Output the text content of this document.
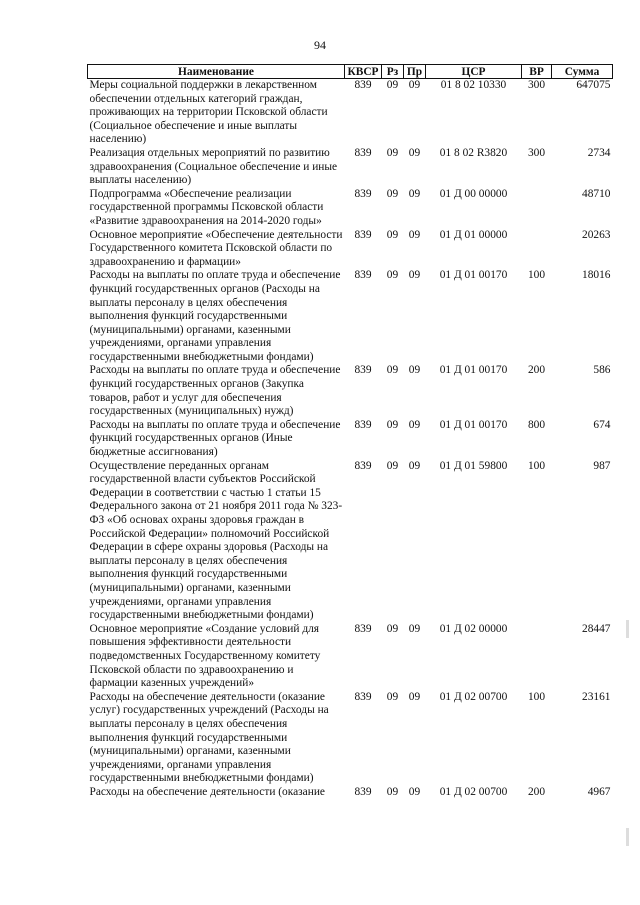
94
Наименование	КВСР	Рз	Пр	ЦСР	ВР	Сумма
Меры социальной поддержки в лекарственном обеспечении отдельных категорий граждан, проживающих на территории Псковской области (Социальное обеспечение и иные выплаты населению)	839	09	09	01 8 02 10330	300	647075
Реализация отдельных мероприятий по развитию здравоохранения (Социальное обеспечение и иные выплаты населению)	839	09	09	01 8 02 R3820	300	2734
Подпрограмма «Обеспечение реализации государственной программы Псковской области «Развитие здравоохранения на 2014-2020 годы»	839	09	09	01 Д 00 00000		48710
Основное мероприятие «Обеспечение деятельности Государственного комитета Псковской области по здравоохранению и фармации»	839	09	09	01 Д 01 00000		20263
Расходы на выплаты по оплате труда и обеспечение функций государственных органов (Расходы на выплаты персоналу в целях обеспечения выполнения функций государственными (муниципальными) органами, казенными учреждениями, органами управления государственными внебюджетными фондами)	839	09	09	01 Д 01 00170	100	18016
Расходы на выплаты по оплате труда и обеспечение функций государственных органов (Закупка товаров, работ и услуг для обеспечения государственных (муниципальных) нужд)	839	09	09	01 Д 01 00170	200	586
Расходы на выплаты по оплате труда и обеспечение функций государственных органов (Иные бюджетные ассигнования)	839	09	09	01 Д 01 00170	800	674
Осуществление переданных органам государственной власти субъектов Российской Федерации в соответствии с частью 1 статьи 15 Федерального закона от 21 ноября 2011 года № 323-ФЗ «Об основах охраны здоровья граждан в Российской Федерации» полномочий Российской Федерации в сфере охраны здоровья (Расходы на выплаты персоналу в целях обеспечения выполнения функций государственными (муниципальными) органами, казенными учреждениями, органами управления государственными внебюджетными фондами)	839	09	09	01 Д 01 59800	100	987
Основное мероприятие «Создание условий для повышения эффективности деятельности подведомственных Государственному комитету Псковской области по здравоохранению и фармации казенных учреждений»	839	09	09	01 Д 02 00000		28447
Расходы на обеспечение деятельности (оказание услуг) государственных учреждений (Расходы на выплаты персоналу в целях обеспечения выполнения функций государственными (муниципальными) органами, казенными учреждениями, органами управления государственными внебюджетными фондами)	839	09	09	01 Д 02 00700	100	23161
Расходы на обеспечение деятельности (оказание	839	09	09	01 Д 02 00700	200	4967
